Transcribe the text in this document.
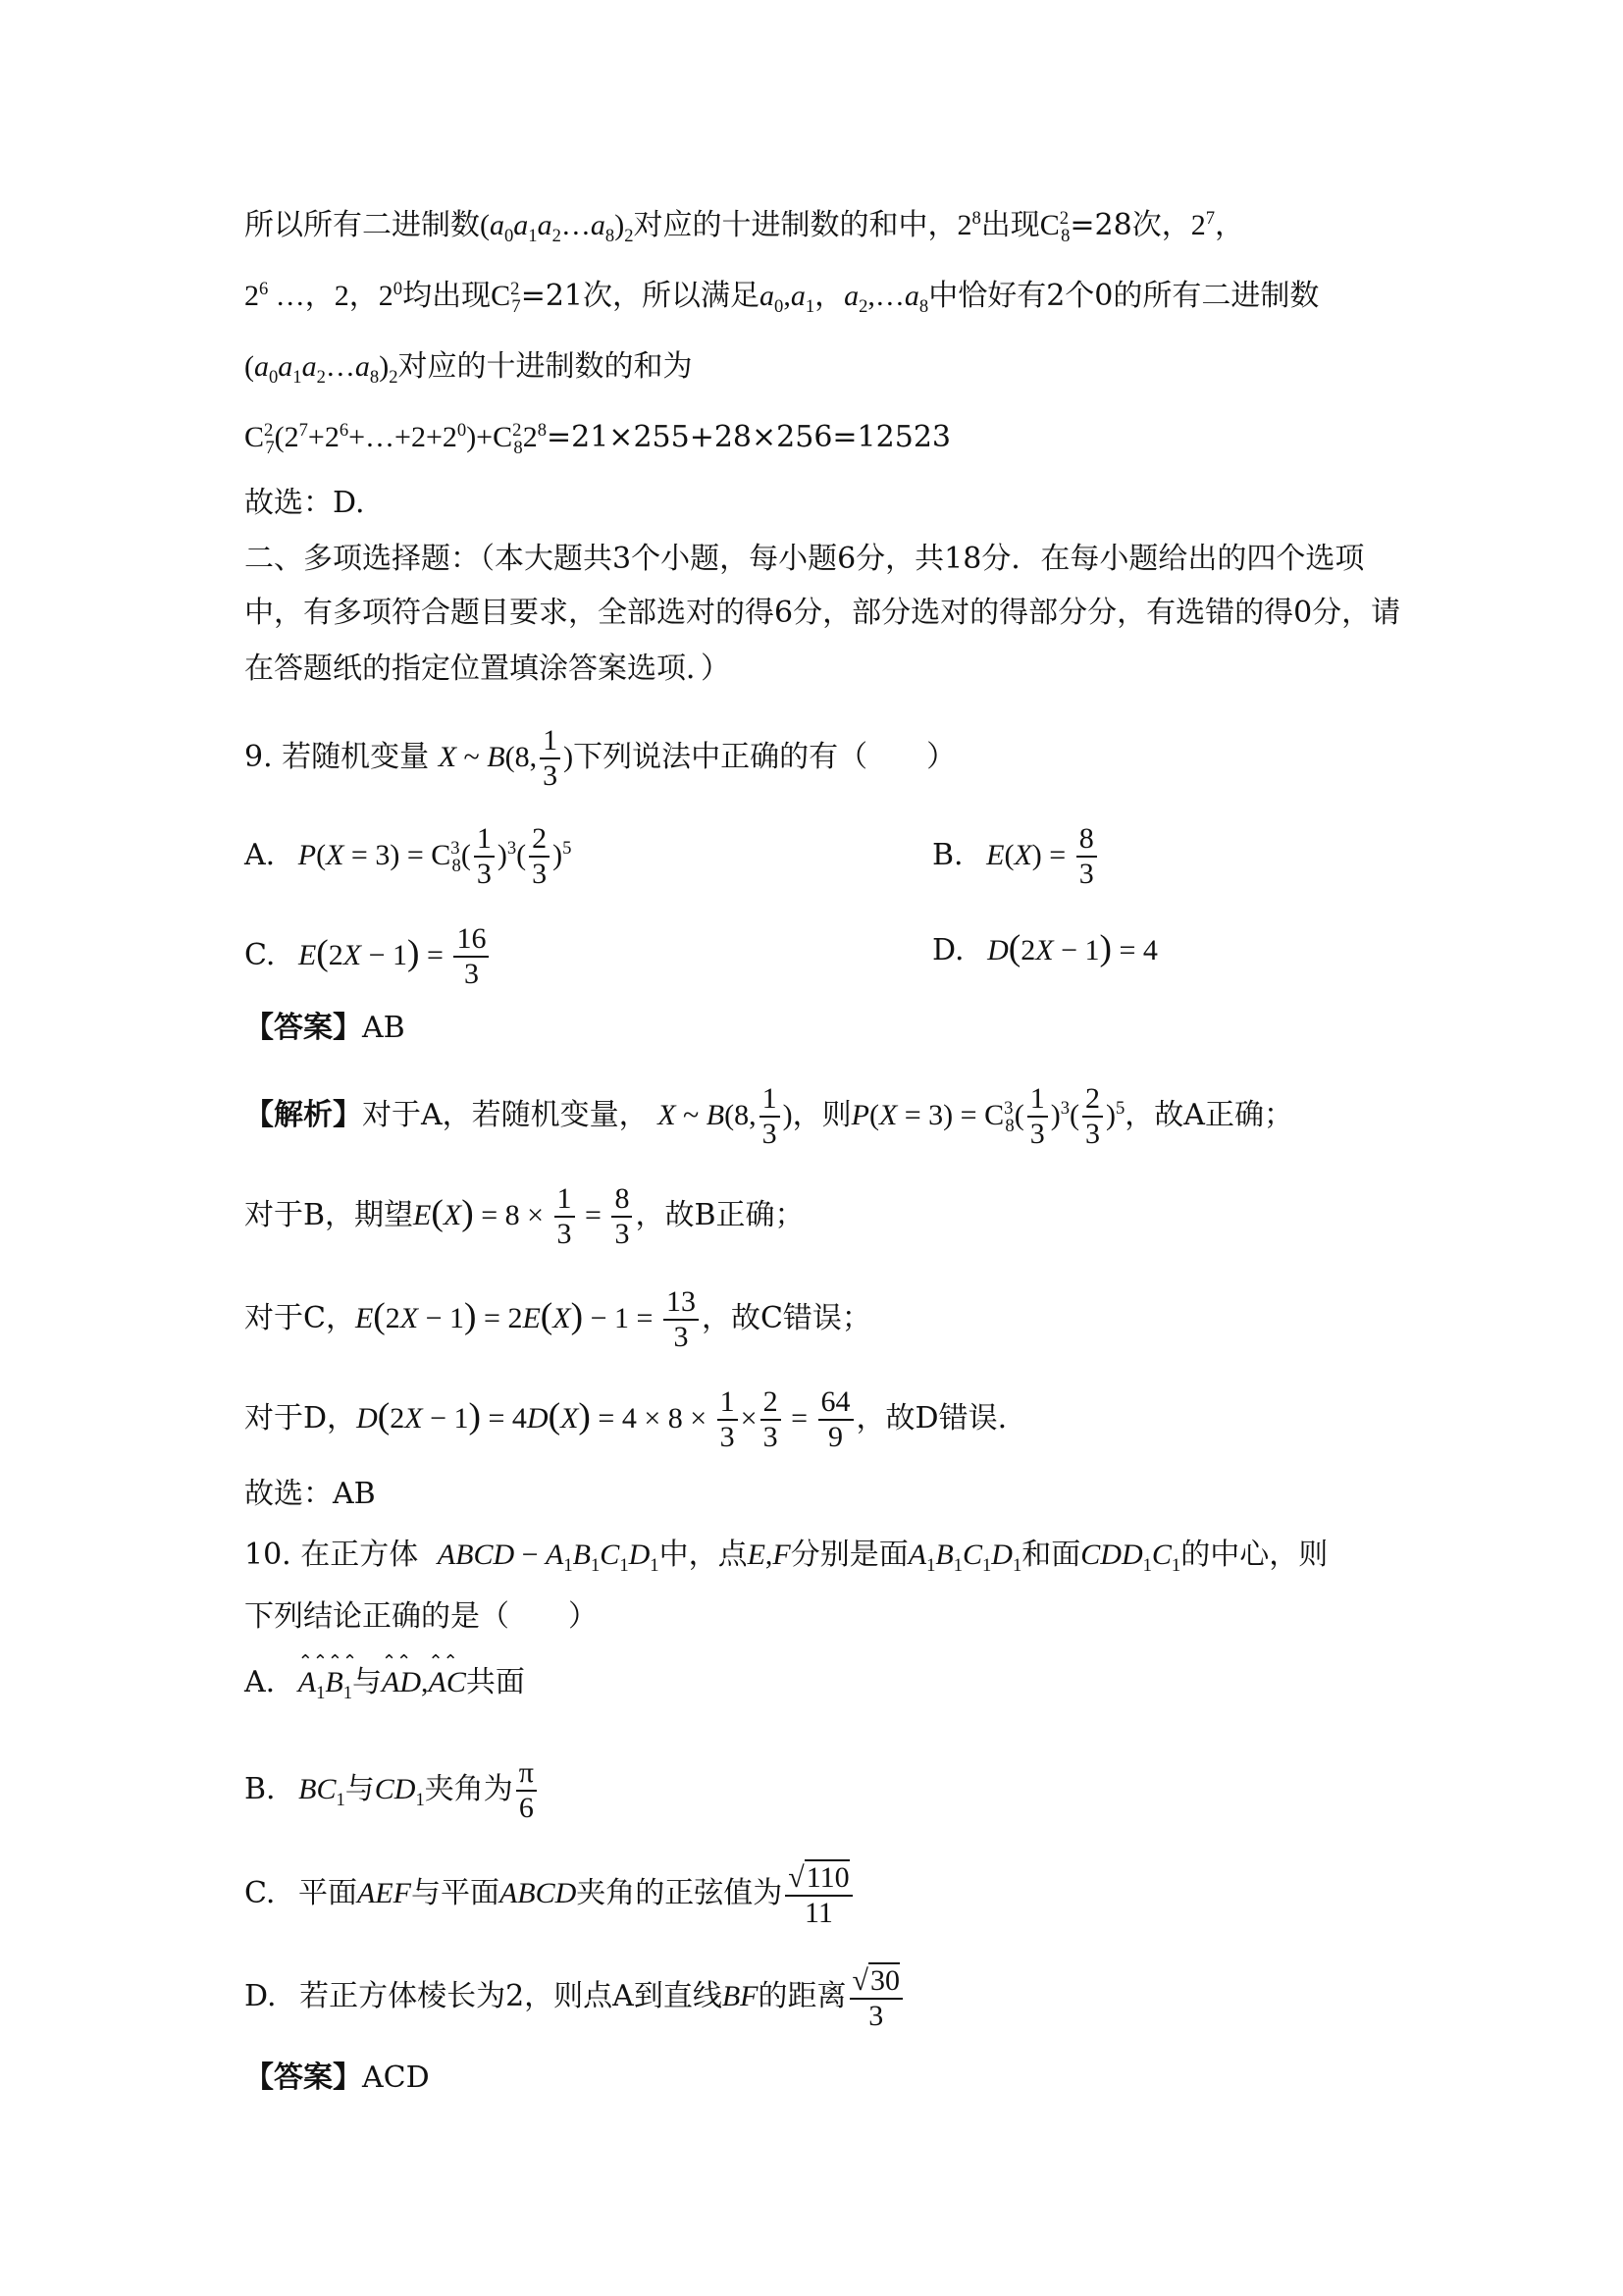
所以所有二进制数$(a_0a_1a_2\dots a_8)_2$对应的十进制数的和中，$2^8$出现$C^2_8=28$次，$2^7$，
$2^6$ …，2，$2^0$均出现$C^2_7=21$次，所以满足$a_0,a_1$，$a_2,\dots a_8$中恰好有2个0的所有二进制数
$(a_0a_1a_2\dots a_8)_2$对应的十进制数的和为
$C^2_7(2^7+2^6+\dots+2+2^0)+C^2_82^8=21\times 255+28\times 256=12523$
故选：D.
二、多项选择题：（本大题共3个小题，每小题6分，共18分．在每小题给出的四个选项
中，有多项符合题目要求，全部选对的得6分，部分选对的得部分分，有选错的得0分，请
在答题纸的指定位置填涂答案选项．）
9. 若随机变量 X ~ B(8, $\frac{1}{3}$ )下列说法中正确的有（　　）
A. $P(X = 3) = C^3_8( \frac{1}{3} )^3( \frac{2}{3} )^5$	B. $E(X) = \frac{8}{3}$
C. $E(2X - 1) = \frac{16}{3}$	D. D(2X − 1) = 4
【答案】AB
【解析】对于A，若随机变量， X ~ B(8, $\frac{1}{3}$ )，则$P(X = 3) = C^3_8( \frac{1}{3} )^3( \frac{2}{3} )^5$，故A正确；
对于B，期望$E(X) = 8 \times \frac{1}{3} = \frac{8}{3}$ ，故B正确；
对于C，$E(2X - 1) = 2E(X) - 1 = \frac{13}{3}$ ，故C错误；
对于D，$D(2X - 1) = 4D(X) = 4 \times 8 \times \frac{1}{3} \times \frac{2}{3} = \frac{64}{9}$ ，故D错误.
故选：AB
10. 在正方体 ABCD − $A_1B_1C_1D_1$中，点E,F分别是面$A_1B_1C_1D_1$和面$CDD_1C_1$的中心，则
下列结论正确的是（　　）
A.
⌃⌃⌃⌃
$A_1B_1$与
⌃⌃
AD,
⌃⌃
AC共面
B. $BC_1$与$CD_1$夹角为 $\frac{\pi}{6}$
C. 平面AEF与平面ABCD夹角的正弦值为 $\frac{√110}{11}$
D. 若正方体棱长为2，则点A到直线BF的距离 $\frac{√30}{3}$
【答案】ACD
